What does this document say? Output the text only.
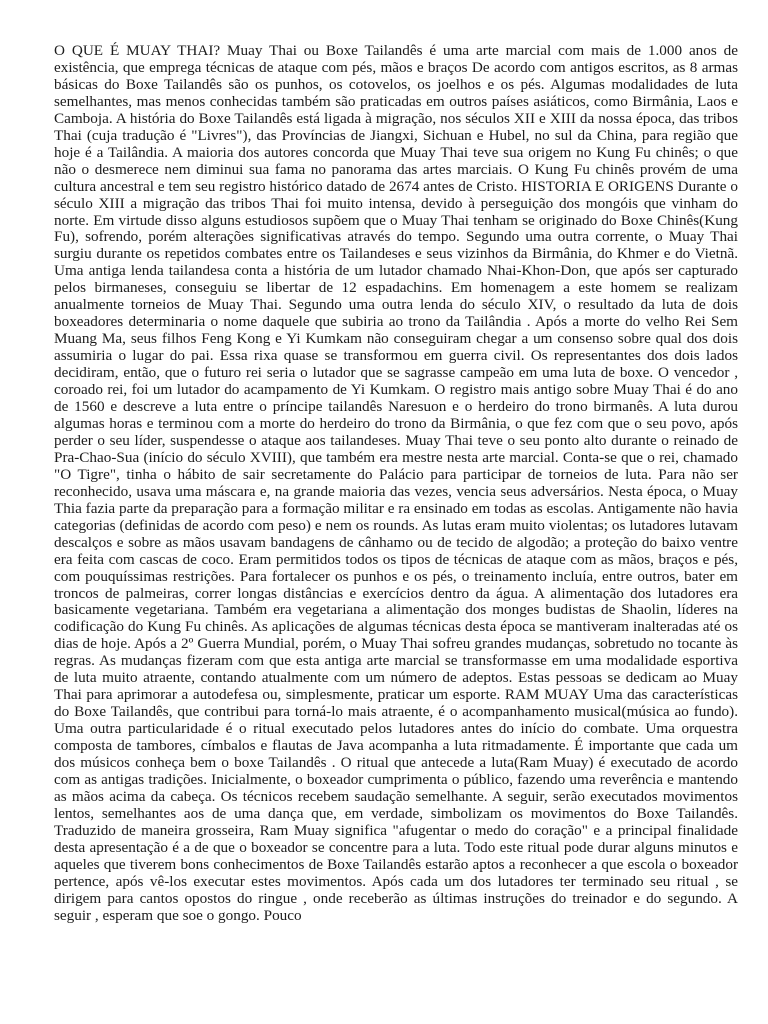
O QUE É MUAY THAI? Muay Thai ou Boxe Tailandês é uma arte marcial com mais de 1.000 anos de existência, que emprega técnicas de ataque com pés, mãos e braços De acordo com antigos escritos, as 8 armas básicas do Boxe Tailandês são os punhos, os cotovelos, os joelhos e os pés. Algumas modalidades de luta semelhantes, mas menos conhecidas também são praticadas em outros países asiáticos, como Birmânia, Laos e Camboja. A história do Boxe Tailandês está ligada à migração, nos séculos XII e XIII da nossa época, das tribos Thai (cuja tradução é "Livres"), das Províncias de Jiangxi, Sichuan e Hubel, no sul da China, para região que hoje é a Tailândia. A maioria dos autores concorda que Muay Thai teve sua origem no Kung Fu chinês; o que não o desmerece nem diminui sua fama no panorama das artes marciais. O Kung Fu chinês provém de uma cultura ancestral e tem seu registro histórico datado de 2674 antes de Cristo. HISTORIA E ORIGENS Durante o século XIII a migração das tribos Thai foi muito intensa, devido à perseguição dos mongóis que vinham do norte. Em virtude disso alguns estudiosos supõem que o Muay Thai tenham se originado do Boxe Chinês(Kung Fu), sofrendo, porém alterações significativas através do tempo. Segundo uma outra corrente, o Muay Thai surgiu durante os repetidos combates entre os Tailandeses e seus vizinhos da Birmânia, do Khmer e do Vietnã. Uma antiga lenda tailandesa conta a história de um lutador chamado Nhai-Khon-Don, que após ser capturado pelos birmaneses, conseguiu se libertar de 12 espadachins. Em homenagem a este homem se realizam anualmente torneios de Muay Thai. Segundo uma outra lenda do século XIV, o resultado da luta de dois boxeadores determinaria o nome daquele que subiria ao trono da Tailândia . Após a morte do velho Rei Sem Muang Ma, seus filhos Feng Kong e Yi Kumkam não conseguiram chegar a um consenso sobre qual dos dois assumiria o lugar do pai. Essa rixa quase se transformou em guerra civil. Os representantes dos dois lados decidiram, então, que o futuro rei seria o lutador que se sagrasse campeão em uma luta de boxe. O vencedor , coroado rei, foi um lutador do acampamento de Yi Kumkam. O registro mais antigo sobre Muay Thai é do ano de 1560 e descreve a luta entre o príncipe tailandês Naresuon e o herdeiro do trono birmanês. A luta durou algumas horas e terminou com a morte do herdeiro do trono da Birmânia, o que fez com que o seu povo, após perder o seu líder, suspendesse o ataque aos tailandeses. Muay Thai teve o seu ponto alto durante o reinado de Pra-Chao-Sua (início do século XVIII), que também era mestre nesta arte marcial. Conta-se que o rei, chamado "O Tigre", tinha o hábito de sair secretamente do Palácio para participar de torneios de luta. Para não ser reconhecido, usava uma máscara e, na grande maioria das vezes, vencia seus adversários. Nesta época, o Muay Thia fazia parte da preparação para a formação militar e ra ensinado em todas as escolas. Antigamente não havia categorias (definidas de acordo com peso) e nem os rounds. As lutas eram muito violentas; os lutadores lutavam descalços e sobre as mãos usavam bandagens de cânhamo ou de tecido de algodão; a proteção do baixo ventre era feita com cascas de coco. Eram permitidos todos os tipos de técnicas de ataque com as mãos, braços e pés, com pouquíssimas restrições. Para fortalecer os punhos e os pés, o treinamento incluía, entre outros, bater em troncos de palmeiras, correr longas distâncias e exercícios dentro da água. A alimentação dos lutadores era basicamente vegetariana. Também era vegetariana a alimentação dos monges budistas de Shaolin, líderes na codificação do Kung Fu chinês. As aplicações de algumas técnicas desta época se mantiveram inalteradas até os dias de hoje. Após a 2º Guerra Mundial, porém, o Muay Thai sofreu grandes mudanças, sobretudo no tocante às regras. As mudanças fizeram com que esta antiga arte marcial se transformasse em uma modalidade esportiva de luta muito atraente, contando atualmente com um número de adeptos. Estas pessoas se dedicam ao Muay Thai para aprimorar a autodefesa ou, simplesmente, praticar um esporte. RAM MUAY Uma das características do Boxe Tailandês, que contribui para torná-lo mais atraente, é o acompanhamento musical(música ao fundo). Uma outra particularidade é o ritual executado pelos lutadores antes do início do combate. Uma orquestra composta de tambores, címbalos e flautas de Java acompanha a luta ritmadamente. É importante que cada um dos músicos conheça bem o boxe Tailandês . O ritual que antecede a luta(Ram Muay) é executado de acordo com as antigas tradições. Inicialmente, o boxeador cumprimenta o público, fazendo uma reverência e mantendo as mãos acima da cabeça. Os técnicos recebem saudação semelhante. A seguir, serão executados movimentos lentos, semelhantes aos de uma dança que, em verdade, simbolizam os movimentos do Boxe Tailandês. Traduzido de maneira grosseira, Ram Muay significa "afugentar o medo do coração" e a principal finalidade desta apresentação é a de que o boxeador se concentre para a luta. Todo este ritual pode durar alguns minutos e aqueles que tiverem bons conhecimentos de Boxe Tailandês estarão aptos a reconhecer a que escola o boxeador pertence, após vê-los executar estes movimentos. Após cada um dos lutadores ter terminado seu ritual , se dirigem para cantos opostos do ringue , onde receberão as últimas instruções do treinador e do segundo. A seguir , esperam que soe o gongo. Pouco
